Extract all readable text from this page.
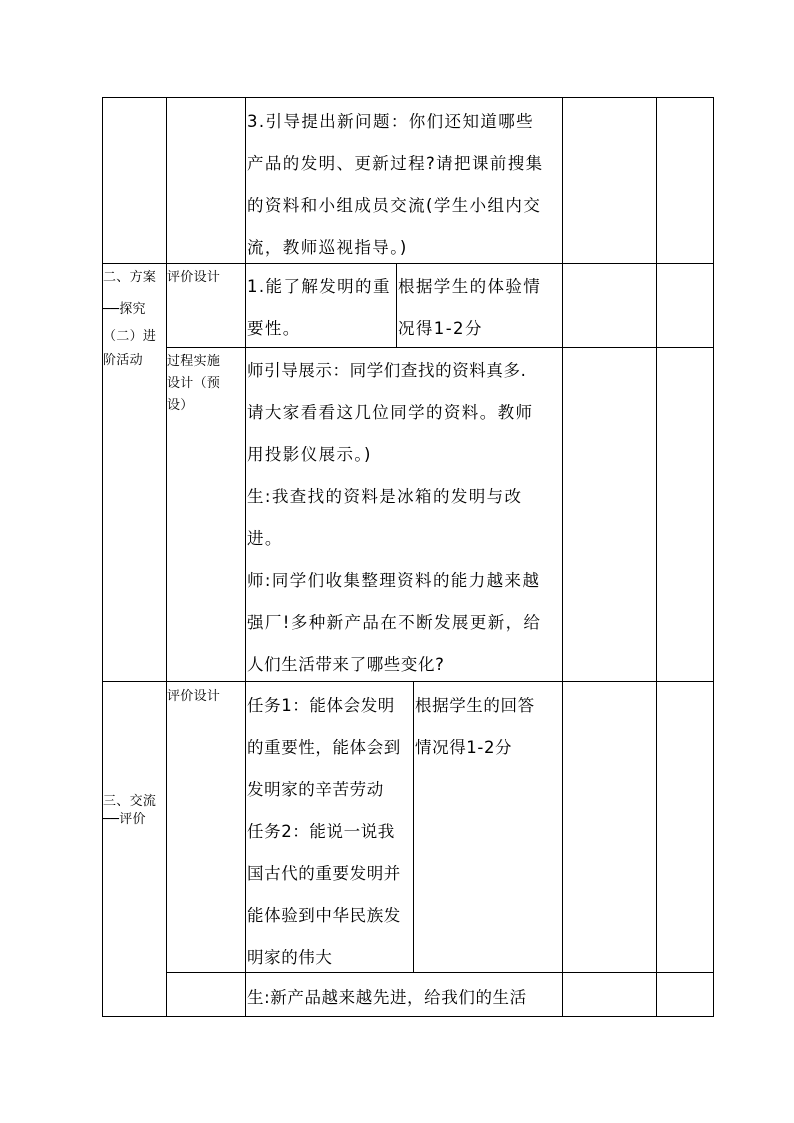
3.引导提出新问题：你们还知道哪些
产品的发明、更新过程?请把课前搜集
的资料和小组成员交流(学生小组内交
流，教师巡视指导。)
二、方案
──探究
（二）进
阶活动
评价设计 1.能了解发明的重
要性。
根据学生的体验情
况得1-2分
过程实施
设计（预
设）
师引导展示：同学们查找的资料真多.
请大家看看这几位同学的资料。教师
用投影仪展示。)
生:我查找的资料是冰箱的发明与改
进。
师:同学们收集整理资料的能力越来越
强厂!多种新产品在不断发展更新，给
人们生活带来了哪些变化?
三、交流
──评价
评价设计 任务1：能体会发明
的重要性，能体会到
发明家的辛苦劳动
任务2：能说一说我
国古代的重要发明并
能体验到中华民族发
明家的伟大
根据学生的回答
情况得1-2分
生:新产品越来越先进，给我们的生活
